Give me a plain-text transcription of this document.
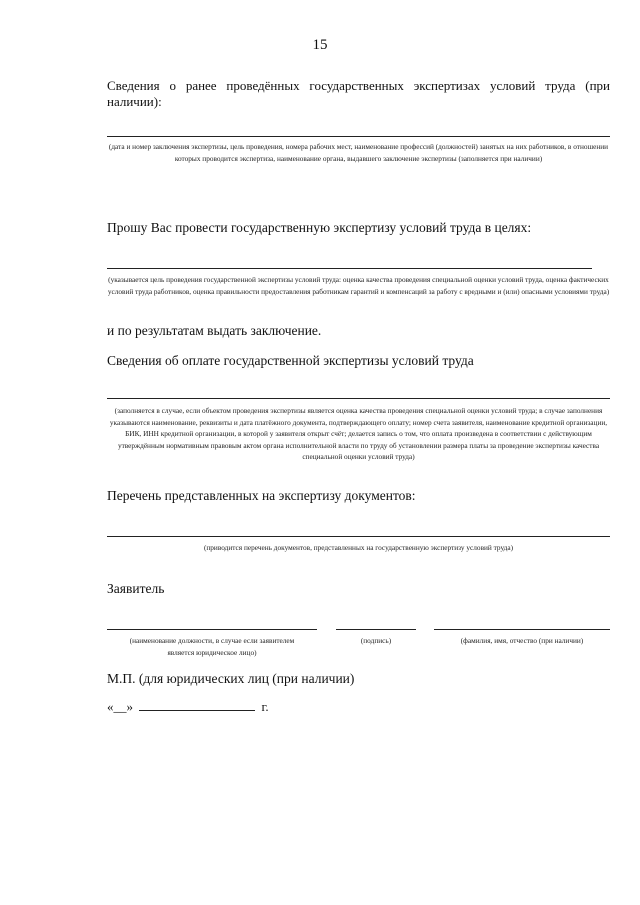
15
Сведения о ранее проведённых государственных экспертизах условий труда (при
наличии):
(дата и номер заключения экспертизы, цель проведения, номера рабочих мест, наименование профессий (должностей) занятых на них работников, в отношении которых проводится экспертиза, наименование органа, выдавшего заключение экспертизы (заполняется при наличии)
Прошу Вас провести государственную экспертизу условий труда в целях:
(указывается цель проведения государственной экспертизы условий труда: оценка качества проведения специальной оценки условий труда, оценка фактических условий труда работников, оценка правильности предоставления работникам гарантий и компенсаций за работу с вредными и (или) опасными условиями труда)
и по результатам выдать заключение.
Сведения об оплате государственной экспертизы условий труда
(заполняется в случае, если объектом проведения экспертизы является оценка качества проведения специальной оценки условий труда; в случае заполнения указываются наименование, реквизиты и дата платёжного документа, подтверждающего оплату; номер счета заявителя, наименование кредитной организации, БИК, ИНН кредитной организации, в которой у заявителя открыт счёт; делается запись о том, что оплата произведена в соответствии с действующим утверждённым нормативным правовым актом органа исполнительной власти по труду об установлении размера платы за проведение экспертизы качества специальной оценки условий труда)
Перечень представленных на экспертизу документов:
(приводится перечень документов, представленных на государственную экспертизу условий труда)
Заявитель
(наименование должности, в случае если заявителем
является юридическое лицо)
(подпись)	(фамилия, имя, отчество (при наличии)
М.П. (для юридических лиц (при наличии)
«__»	г.
